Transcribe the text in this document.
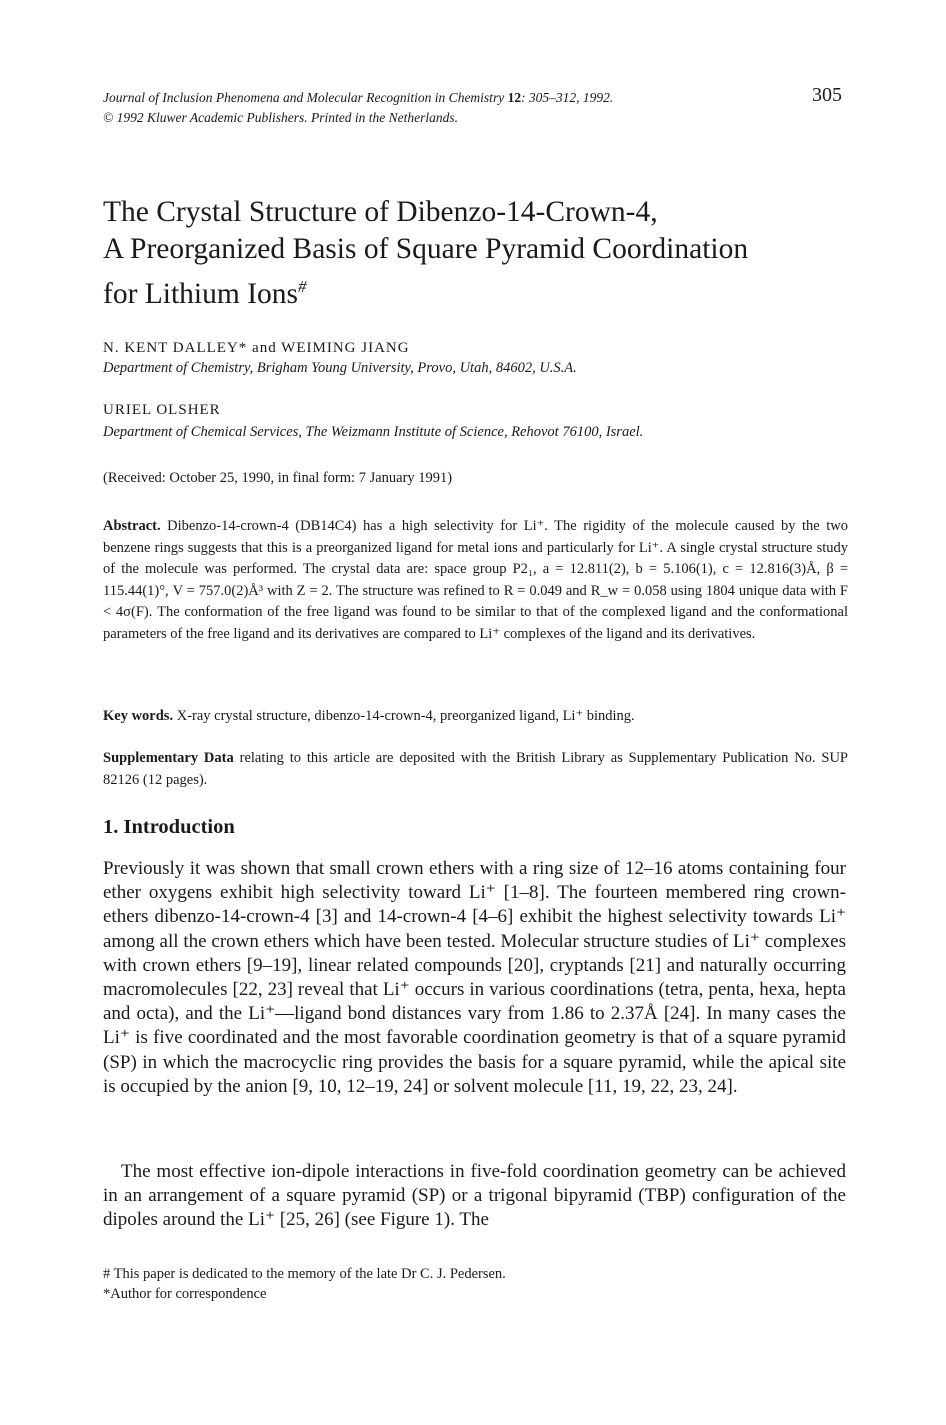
Journal of Inclusion Phenomena and Molecular Recognition in Chemistry 12: 305–312, 1992.
© 1992 Kluwer Academic Publishers. Printed in the Netherlands.
305
The Crystal Structure of Dibenzo-14-Crown-4,
A Preorganized Basis of Square Pyramid Coordination
for Lithium Ions#
N. KENT DALLEY* and WEIMING JIANG
Department of Chemistry, Brigham Young University, Provo, Utah, 84602, U.S.A.
URIEL OLSHER
Department of Chemical Services, The Weizmann Institute of Science, Rehovot 76100, Israel.
(Received: October 25, 1990, in final form: 7 January 1991)
Abstract. Dibenzo-14-crown-4 (DB14C4) has a high selectivity for Li⁺. The rigidity of the molecule caused by the two benzene rings suggests that this is a preorganized ligand for metal ions and particularly for Li⁺. A single crystal structure study of the molecule was performed. The crystal data are: space group P2₁, a = 12.811(2), b = 5.106(1), c = 12.816(3)Å, β = 115.44(1)°, V = 757.0(2)Å³ with Z = 2. The structure was refined to R = 0.049 and R_w = 0.058 using 1804 unique data with F < 4σ(F). The conformation of the free ligand was found to be similar to that of the complexed ligand and the conformational parameters of the free ligand and its derivatives are compared to Li⁺ complexes of the ligand and its derivatives.
Key words. X-ray crystal structure, dibenzo-14-crown-4, preorganized ligand, Li⁺ binding.
Supplementary Data relating to this article are deposited with the British Library as Supplementary Publication No. SUP 82126 (12 pages).
1. Introduction
Previously it was shown that small crown ethers with a ring size of 12–16 atoms containing four ether oxygens exhibit high selectivity toward Li⁺ [1–8]. The fourteen membered ring crown-ethers dibenzo-14-crown-4 [3] and 14-crown-4 [4–6] exhibit the highest selectivity towards Li⁺ among all the crown ethers which have been tested. Molecular structure studies of Li⁺ complexes with crown ethers [9–19], linear related compounds [20], cryptands [21] and naturally occurring macromolecules [22, 23] reveal that Li⁺ occurs in various coordinations (tetra, penta, hexa, hepta and octa), and the Li⁺—ligand bond distances vary from 1.86 to 2.37Å [24]. In many cases the Li⁺ is five coordinated and the most favorable coordination geometry is that of a square pyramid (SP) in which the macrocyclic ring provides the basis for a square pyramid, while the apical site is occupied by the anion [9, 10, 12–19, 24] or solvent molecule [11, 19, 22, 23, 24].
The most effective ion-dipole interactions in five-fold coordination geometry can be achieved in an arrangement of a square pyramid (SP) or a trigonal bipyramid (TBP) configuration of the dipoles around the Li⁺ [25, 26] (see Figure 1). The
# This paper is dedicated to the memory of the late Dr C. J. Pedersen.
*Author for correspondence
